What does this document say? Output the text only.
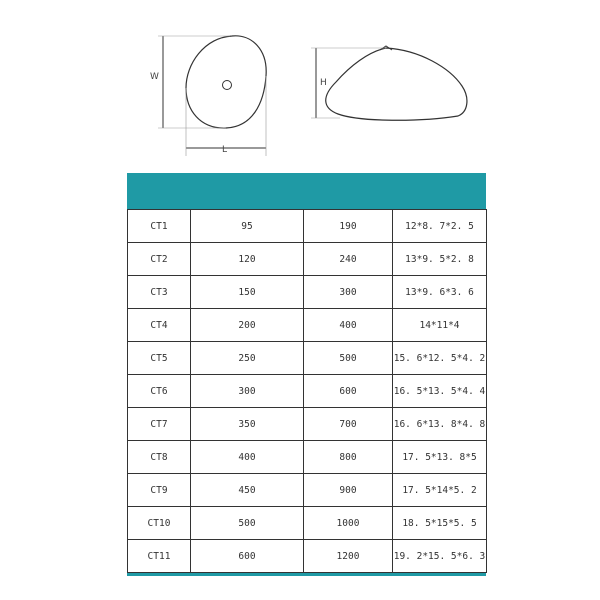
W
L
H
CT1	95	190	12*8. 7*2. 5
CT2	120	240	13*9. 5*2. 8
CT3	150	300	13*9. 6*3. 6
CT4	200	400	14*11*4
CT5	250	500	15. 6*12. 5*4. 2
CT6	300	600	16. 5*13. 5*4. 4
CT7	350	700	16. 6*13. 8*4. 8
CT8	400	800	17. 5*13. 8*5
CT9	450	900	17. 5*14*5. 2
CT10	500	1000	18. 5*15*5. 5
CT11	600	1200	19. 2*15. 5*6. 3
